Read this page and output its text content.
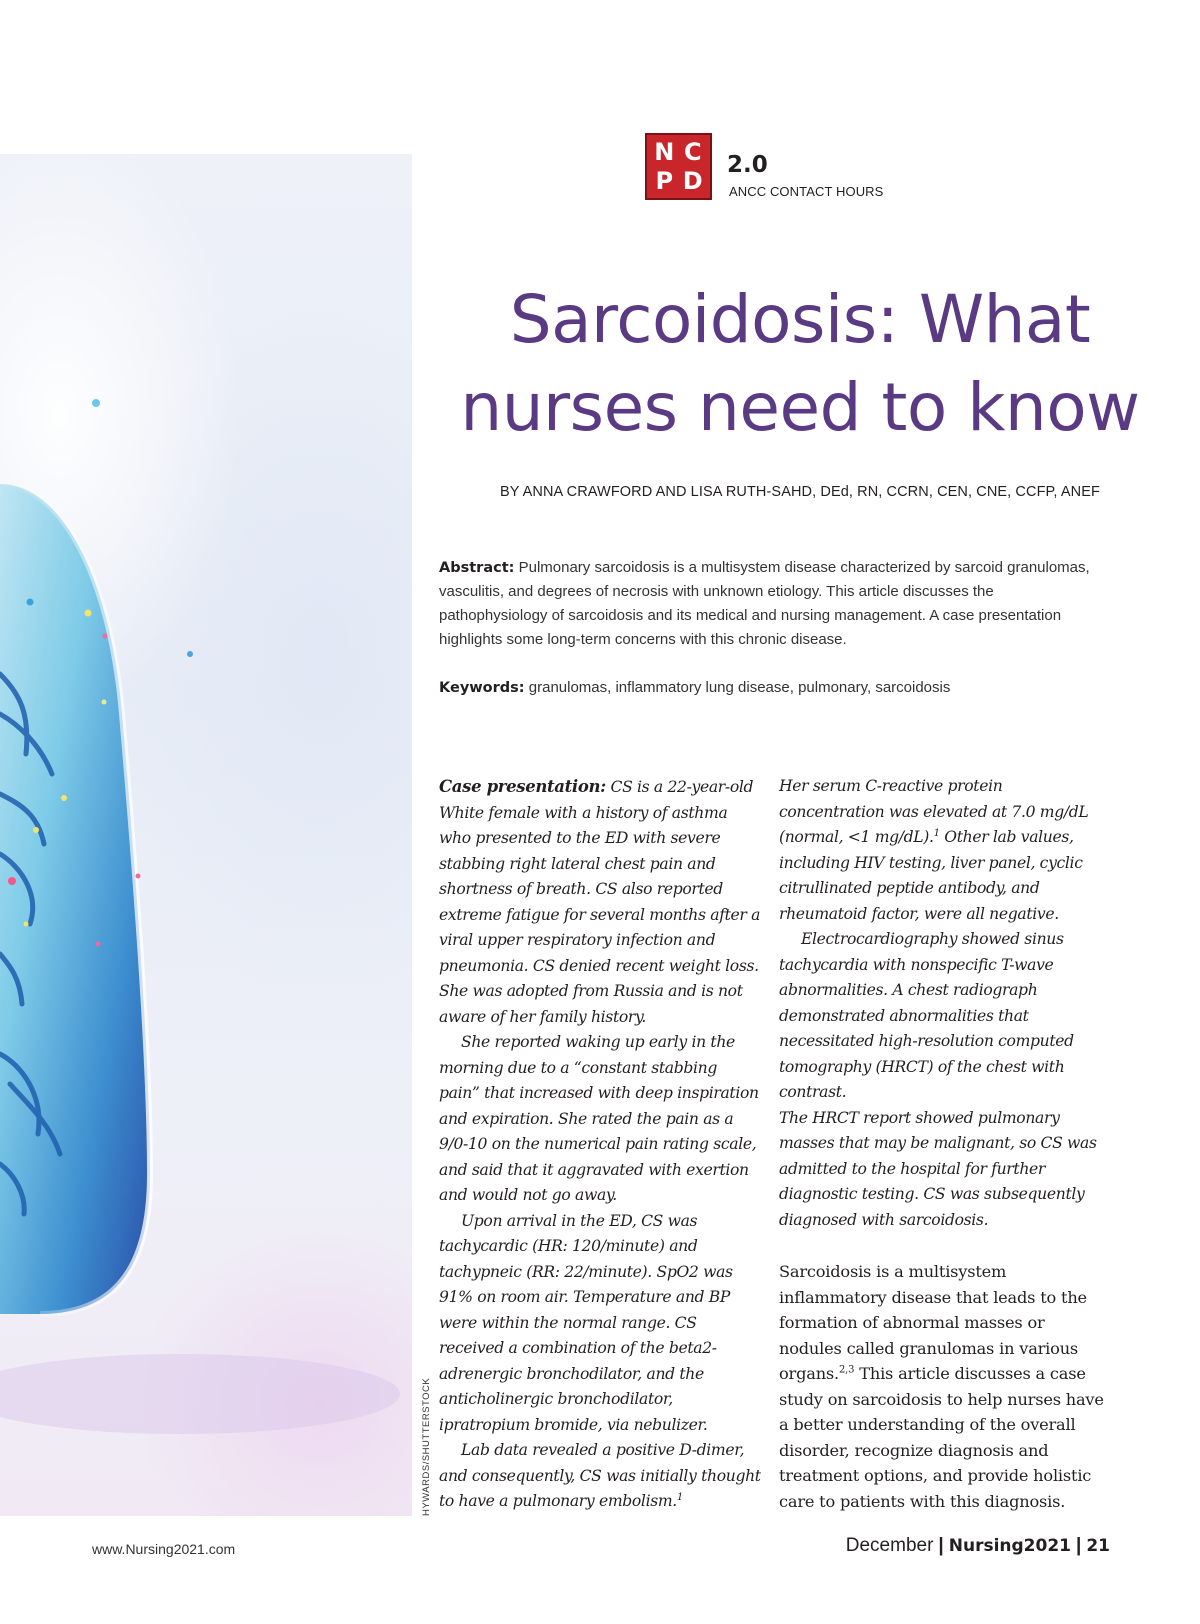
HYWARDS/SHUTTERSTOCK
N C
P D
2.0
ANCC CONTACT HOURS
Sarcoidosis: What nurses need to know
BY ANNA CRAWFORD AND LISA RUTH-SAHD, DEd, RN, CCRN, CEN, CNE, CCFP, ANEF

Abstract: Pulmonary sarcoidosis is a multisystem disease characterized by sarcoid granulomas, vasculitis, and degrees of necrosis with unknown etiology. This article discusses the pathophysiology of sarcoidosis and its medical and nursing management. A case presentation highlights some long-term concerns with this chronic disease.

Keywords: granulomas, inflammatory lung disease, pulmonary, sarcoidosis

Case presentation: CS is a 22-year-old White female with a history of asthma who presented to the ED with severe stabbing right lateral chest pain and shortness of breath. CS also reported extreme fatigue for several months after a viral upper respiratory infection and pneumonia. CS denied recent weight loss. She was adopted from Russia and is not aware of her family history.

She reported waking up early in the morning due to a “constant stabbing pain” that increased with deep inspiration and expiration. She rated the pain as a 9/0-10 on the numerical pain rating scale, and said that it aggravated with exertion and would not go away.

Upon arrival in the ED, CS was tachycardic (HR: 120/minute) and tachypneic (RR: 22/minute). SpO2 was 91% on room air. Temperature and BP were within the normal range. CS received a combination of the beta2-adrenergic bronchodilator, and the anticholinergic bronchodilator, ipratropium bromide, via nebulizer.

Lab data revealed a positive D-dimer, and consequently, CS was initially thought to have a pulmonary embolism.$^1$

Her serum C-reactive protein concentration was elevated at 7.0 mg/dL (normal, <1 mg/dL).$^1$ Other lab values, including HIV testing, liver panel, cyclic citrullinated peptide antibody, and rheumatoid factor, were all negative.

Electrocardiography showed sinus tachycardia with nonspecific T-wave abnormalities. A chest radiograph demonstrated abnormalities that necessitated high-resolution computed tomography (HRCT) of the chest with contrast.

The HRCT report showed pulmonary masses that may be malignant, so CS was admitted to the hospital for further diagnostic testing. CS was subsequently diagnosed with sarcoidosis.

Sarcoidosis is a multisystem inflammatory disease that leads to the formation of abnormal masses or nodules called granulomas in various organs.$^{2,3}$ This article discusses a case study on sarcoidosis to help nurses have a better understanding of the overall disorder, recognize diagnosis and treatment options, and provide holistic care to patients with this diagnosis.

www.Nursing2021.com	December | Nursing2021 | 21
